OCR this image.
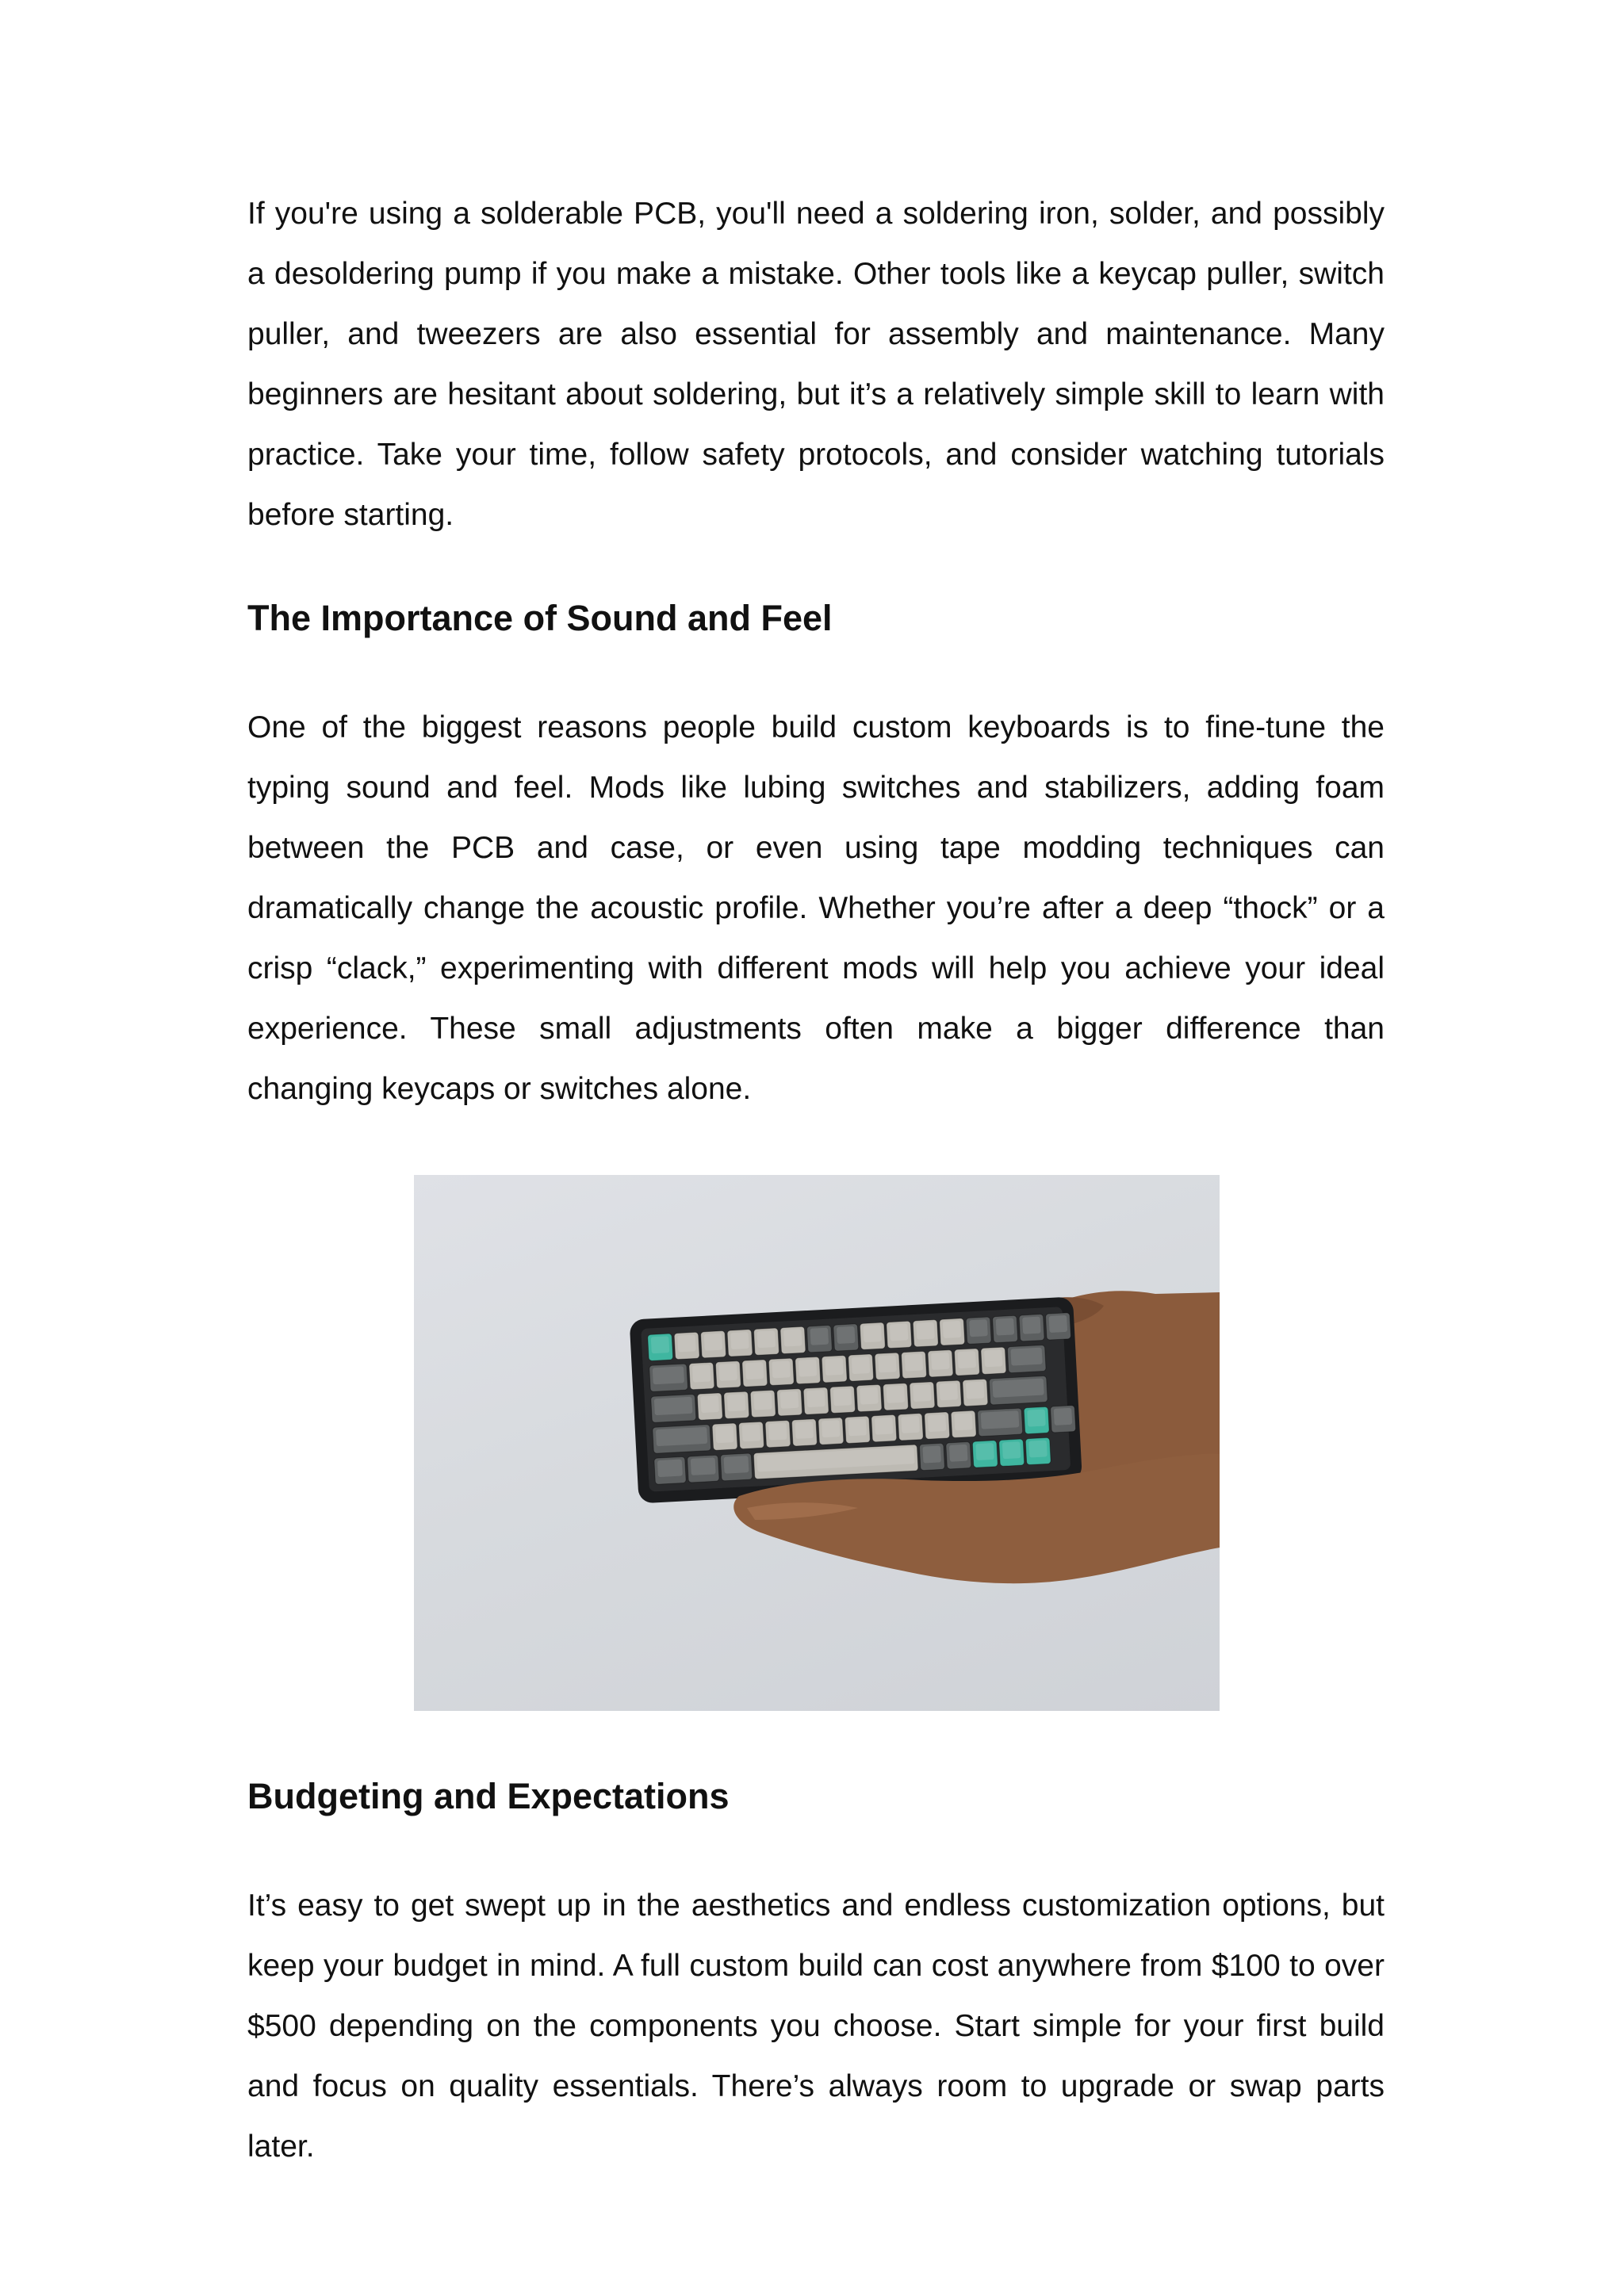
If you're using a solderable PCB, you'll need a soldering iron, solder, and possibly a desoldering pump if you make a mistake. Other tools like a keycap puller, switch puller, and tweezers are also essential for assembly and maintenance. Many beginners are hesitant about soldering, but it’s a relatively simple skill to learn with practice. Take your time, follow safety protocols, and consider watching tutorials before starting.

The Importance of Sound and Feel

One of the biggest reasons people build custom keyboards is to fine-tune the typing sound and feel. Mods like lubing switches and stabilizers, adding foam between the PCB and case, or even using tape modding techniques can dramatically change the acoustic profile. Whether you’re after a deep “thock” or a crisp “clack,” experimenting with different mods will help you achieve your ideal experience. These small adjustments often make a bigger difference than changing keycaps or switches alone.

Budgeting and Expectations

It’s easy to get swept up in the aesthetics and endless customization options, but keep your budget in mind. A full custom build can cost anywhere from $100 to over $500 depending on the components you choose. Start simple for your first build and focus on quality essentials. There’s always room to upgrade or swap parts later.
